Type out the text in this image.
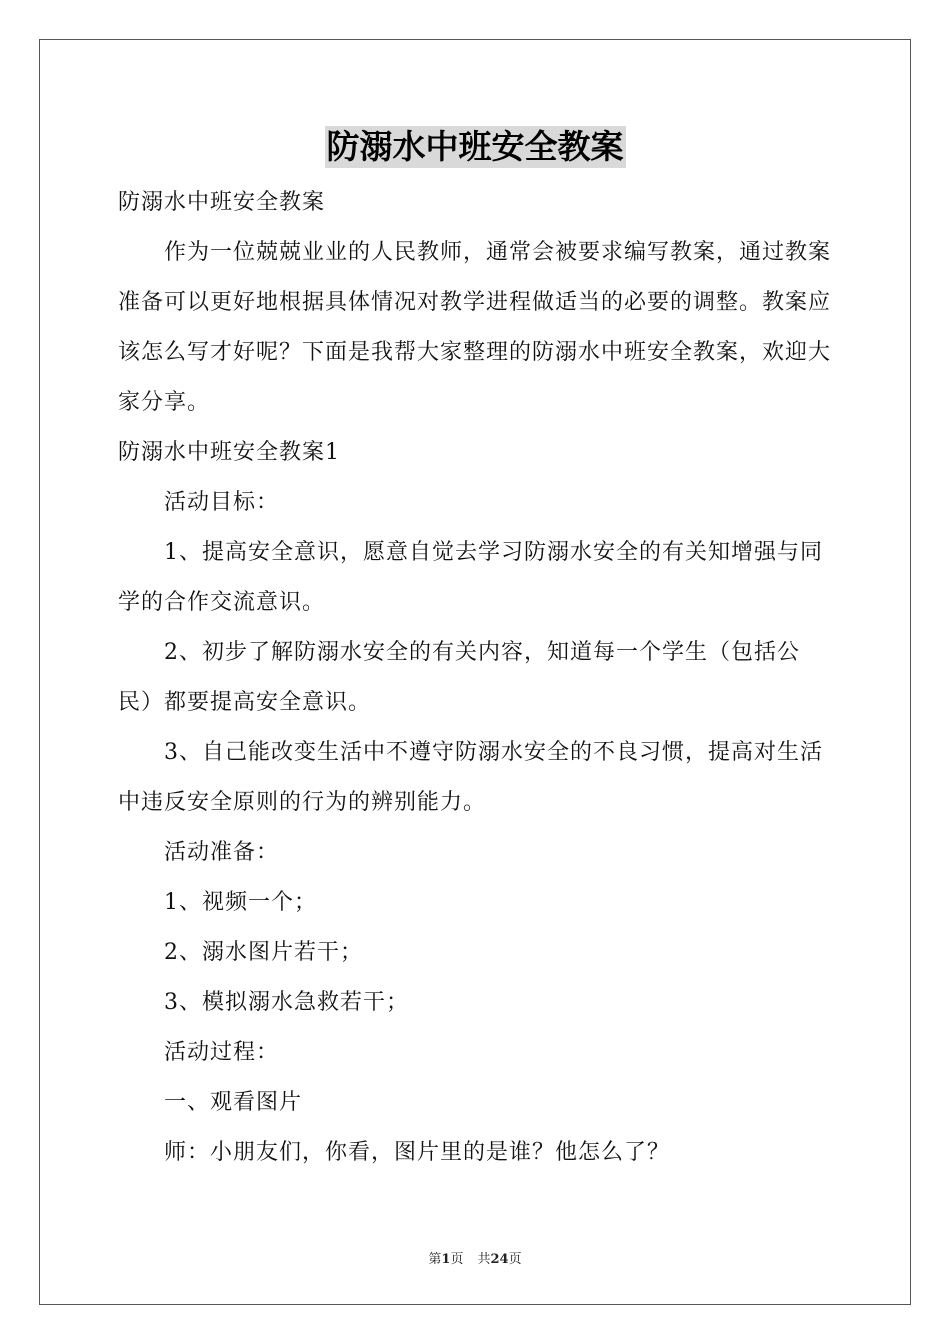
防溺水中班安全教案

防溺水中班安全教案

作为一位兢兢业业的人民教师，通常会被要求编写教案，通过教案准备可以更好地根据具体情况对教学进程做适当的必要的调整。教案应该怎么写才好呢？下面是我帮大家整理的防溺水中班安全教案，欢迎大家分享。

防溺水中班安全教案1

活动目标：

1、提高安全意识，愿意自觉去学习防溺水安全的有关知增强与同学的合作交流意识。

2、初步了解防溺水安全的有关内容，知道每一个学生（包括公民）都要提高安全意识。

3、自己能改变生活中不遵守防溺水安全的不良习惯，提高对生活中违反安全原则的行为的辨别能力。

活动准备：

1、视频一个；

2、溺水图片若干；

3、模拟溺水急救若干；

活动过程：

一、观看图片

师：小朋友们，你看，图片里的是谁？他怎么了？

第1页 共24页
